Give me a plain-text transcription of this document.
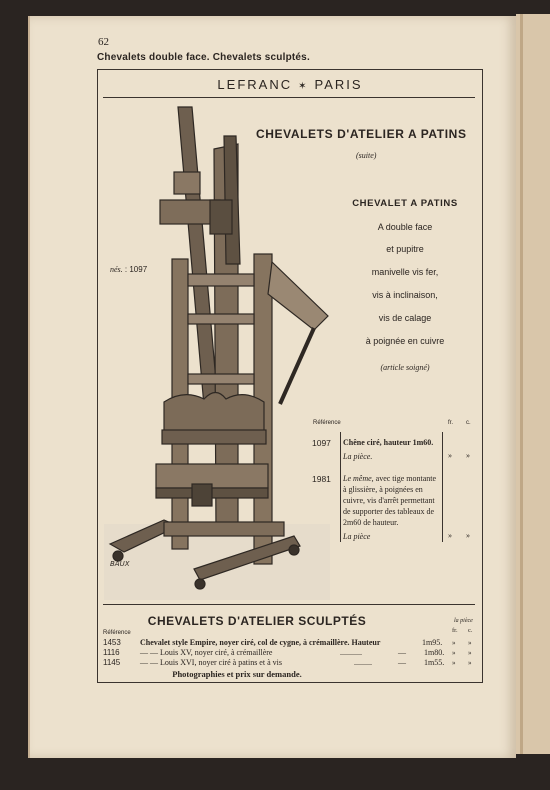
62
Chevalets double face. Chevalets sculptés.
LEFRANC ✶ PARIS
BAUX
nés. : 1097
CHEVALETS D'ATELIER A PATINS
(suite)
CHEVALET A PATINS
A double face
et pupitre
manivelle vis fer,
vis à inclinaison,
vis de calage
à poignée en cuivre
(article soigné)
Référence	fr. c.
1097 Chêne ciré, hauteur 1m60.
La pièce.	» »
1981 Le même, avec tige montante à glissière, à poignées en cuivre, vis d'arrêt permettant de supporter des tableaux de 2m60 de hauteur.
La pièce	» »
CHEVALETS D'ATELIER SCULPTÉS	la pièce
fr. c.
Référence
1453 Chevalet style Empire, noyer ciré, col de cygne, à crémaillère. Hauteur	1m95. » »
1116	— — Louis XV, noyer ciré, à crémaillère	...........	— 1m80. » »
1145 — — Louis XVI, noyer ciré à patins et à vis	.........	— 1m55. » »
Photographies et prix sur demande.
